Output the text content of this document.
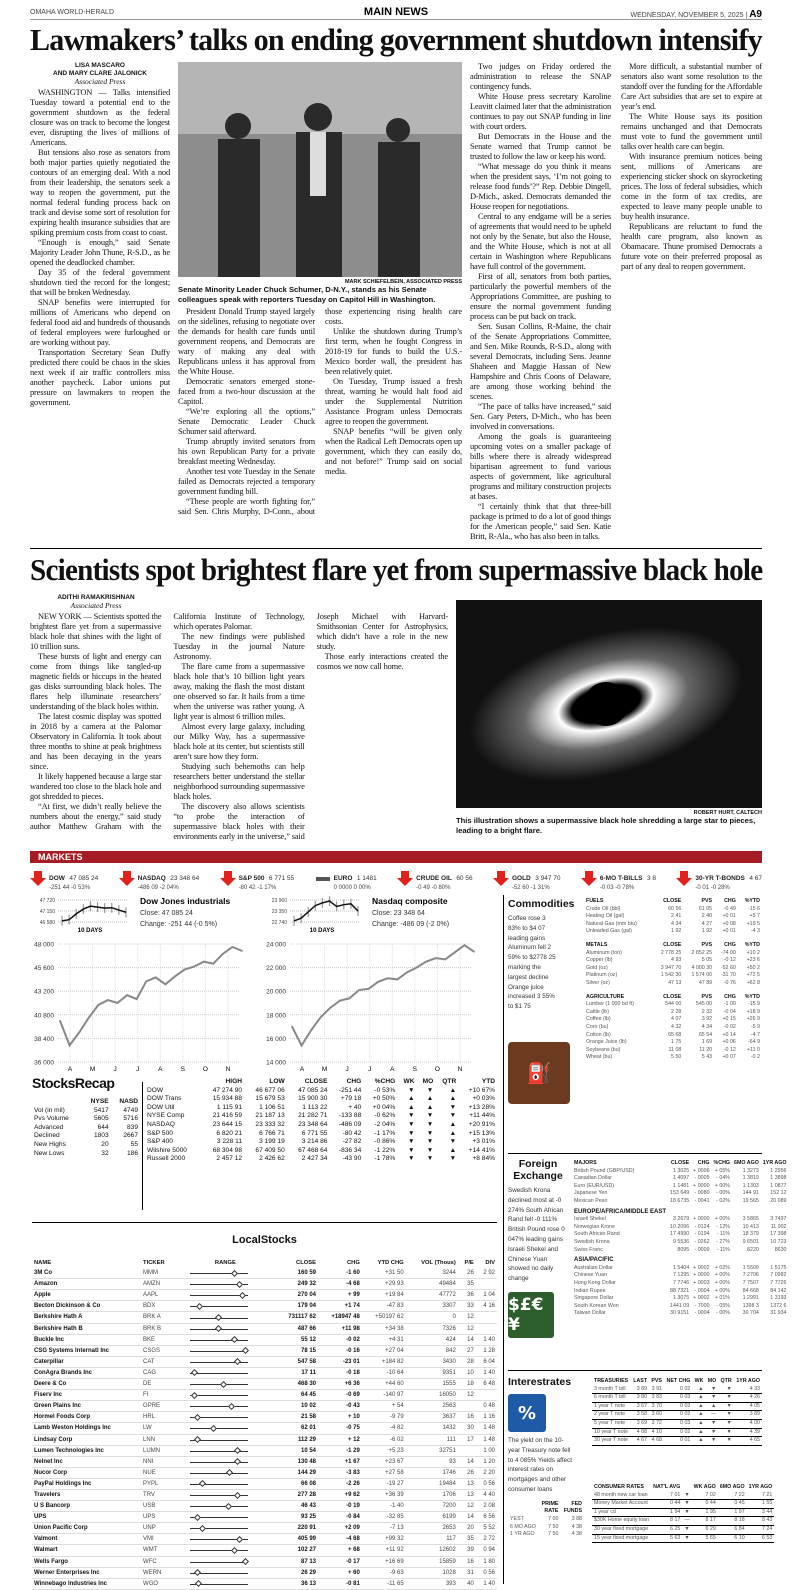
OMAHA WORLD-HERALD	MAIN NEWS	WEDNESDAY, NOVEMBER 5, 2025 | A9
Lawmakers’ talks on ending government shutdown intensify
LISA MASCARO
AND MARY CLARE JALONICK
Associated Press

WASHINGTON — Talks intensified Tuesday toward a potential end to the government shutdown as the federal closure was on track to become the longest ever, disrupting the lives of millions of Americans.

But tensions also rose as senators from both major parties quietly negotiated the contours of an emerging deal. With a nod from their leadership, the senators seek a way to reopen the government, put the normal federal funding process back on track and devise some sort of resolution for expiring health insurance subsidies that are spiking premium costs from coast to coast.

“Enough is enough,” said Senate Majority Leader John Thune, R-S.D., as he opened the deadlocked chamber.

Day 35 of the federal government shutdown tied the record for the longest; that will be broken Wednesday.

SNAP benefits were interrupted for millions of Americans who depend on federal food aid and hundreds of thousands of federal employees were furloughed or are working without pay.

Transportation Secretary Sean Duffy predicted there could be chaos in the skies next week if air traffic controllers miss another paycheck. Labor unions put pressure on lawmakers to reopen the government.

MARK SCHIEFELBEIN, ASSOCIATED PRESS
Senate Minority Leader Chuck Schumer, D-N.Y., stands as his Senate colleagues speak with reporters Tuesday on Capitol Hill in Washington.

President Donald Trump stayed largely on the sidelines, refusing to negotiate over the demands for health care funds until government reopens, and Democrats are wary of making any deal with Republicans unless it has approval from the White House.

Democratic senators emerged stone-faced from a two-hour discussion at the Capitol.

“We’re exploring all the options,” Senate Democratic Leader Chuck Schumer said afterward.

Trump abruptly invited senators from his own Republican Party for a private breakfast meeting Wednesday.

Another test vote Tuesday in the Senate failed as Democrats rejected a temporary government funding bill.

“These people are worth fighting for,” said Sen. Chris Murphy, D-Conn., about those experiencing rising health care costs.

Unlike the shutdown during Trump’s first term, when he fought Congress in 2018-19 for funds to build the U.S.-Mexico border wall, the president has been relatively quiet.

On Tuesday, Trump issued a fresh threat, warning he would halt food aid under the Supplemental Nutrition Assistance Program unless Democrats agree to reopen the government.

SNAP benefits “will be given only when the Radical Left Democrats open up government, which they can easily do, and not before!” Trump said on social media.

Two judges on Friday ordered the administration to release the SNAP contingency funds.

White House press secretary Karoline Leavitt claimed later that the administration continues to pay out SNAP funding in line with court orders.

But Democrats in the House and the Senate warned that Trump cannot be trusted to follow the law or keep his word.

“What message do you think it means when the president says, ‘I’m not going to release food funds’?” Rep. Debbie Dingell, D-Mich., asked. Democrats demanded the House reopen for negotiations.

Central to any endgame will be a series of agreements that would need to be upheld not only by the Senate, but also the House, and the White House, which is not at all certain in Washington where Republicans have full control of the government.

First of all, senators from both parties, particularly the powerful members of the Appropriations Committee, are pushing to ensure the normal government funding process can be put back on track.

Sen. Susan Collins, R-Maine, the chair of the Senate Appropriations Committee, and Sen. Mike Rounds, R-S.D., along with several Democrats, including Sens. Jeanne Shaheen and Maggie Hassan of New Hampshire and Chris Coons of Delaware, are among those working behind the scenes.

“The pace of talks have increased,” said Sen. Gary Peters, D-Mich., who has been involved in conversations.

Among the goals is guaranteeing upcoming votes on a smaller package of bills where there is already widespread bipartisan agreement to fund various aspects of government, like agricultural programs and military construction projects at bases.

“I certainly think that that three-bill package is primed to do a lot of good things for the American people,” said Sen. Katie Britt, R-Ala., who has also been in talks.

More difficult, a substantial number of senators also want some resolution to the standoff over the funding for the Affordable Care Act subsidies that are set to expire at year’s end.

The White House says its position remains unchanged and that Democrats must vote to fund the government until talks over health care can begin.

With insurance premium notices being sent, millions of Americans are experiencing sticker shock on skyrocketing prices. The loss of federal subsidies, which come in the form of tax credits, are expected to leave many people unable to buy health insurance.

Republicans are reluctant to fund the health care program, also known as Obamacare. Thune promised Democrats a future vote on their preferred proposal as part of any deal to reopen government.

Scientists spot brightest flare yet from supermassive black hole
ADITHI RAMAKRISHNAN
Associated Press

NEW YORK — Scientists spotted the brightest flare yet from a supermassive black hole that shines with the light of 10 trillion suns.

These bursts of light and energy can come from things like tangled-up magnetic fields or hiccups in the heated gas disks surrounding black holes. The flares help illuminate researchers’ understanding of the black holes within.

The latest cosmic display was spotted in 2018 by a camera at the Palomar Observatory in California. It took about three months to shine at peak brightness and has been decaying in the years since.

It likely happened because a large star wandered too close to the black hole and got shredded to pieces.

“At first, we didn’t really believe the numbers about the energy,” said study author Matthew Graham with the California Institute of Technology, which operates Palomar.

The new findings were published Tuesday in the journal Nature Astronomy.

The flare came from a supermassive black hole that’s 10 billion light years away, making the flash the most distant one observed so far. It hails from a time when the universe was rather young. A light year is almost 6 trillion miles.

Almost every large galaxy, including our Milky Way, has a supermassive black hole at its center, but scientists still aren’t sure how they form.

Studying such behemoths can help researchers better understand the stellar neighborhood surrounding supermassive black holes.

The discovery also allows scientists “to probe the interaction of supermassive black holes with their environments early in the universe,” said Joseph Michael with Harvard-Smithsonian Center for Astrophysics, which didn’t have a role in the new study.

Those early interactions created the cosmos we now call home.

ROBERT HURT, CALTECH
This illustration shows a supermassive black hole shredding a large star to pieces, leading to a bright flare.
MARKETS
DOW 47 085 24
-251 44 -0 53%
NASDAQ 23 348 64
-486 09 -2 04%
S&P 500 6 771 55
-80 42 -1 17%
EURO 1 1481
0 0000 0 00%
CRUDE OIL 60 56
-0 49 -0 80%
GOLD 3 947 70
-52 60 -1 31%
6-MO T-BILLS 3 8
-0 03 -0 78%
30-YR T-BONDS 4 67
-0 01 -0 28%
47 720
47 150
46 580
10 DAYS
Dow Jones industrials
Close: 47 085 24
Change: -251 44 (-0 5%)
48 000
45 600
43 200
40 800
38 400
36 000
A	M	J	J	A	S	O	N
23 960
23 350
22 740
10 DAYS
Nasdaq composite
Close: 23 348 64
Change: -486 09 (-2 0%)
24 000
22 000
20 000
18 000
16 000
14 000
A	M	J	J	A	S	O	N
StocksRecap
	NYSE	NASD
Vol (in mil)	5417	4749
Pvs Volume	5605	5716
Advanced	644	839
Declined	1803	2667
New Highs	20	55
New Lows	32	186
	HIGH	LOW	CLOSE	CHG	%CHG	WK	MO	QTR	YTD
DOW	47 274 90	46 677 06	47 085 24	-251 44	-0 53%	▼	▼	▲	+10 67%
DOW Trans	15 934 88	15 679 53	15 900 30	+79 18	+0 50%	▲	▲	▲	+0 03%
DOW Util	1 115 91	1 106 51	1 113 22	+ 40	+0 04%	▲	▲	▼	+13 28%
NYSE Comp	21 416 59	21 187 13	21 282 71	-133 88	-0 62%	▼	▼	▼	+11 44%
NASDAQ	23 644 15	23 333 32	23 348 64	-486 09	-2 04%	▼	▼	▲	+20 91%
S&P 500	6 820 21	6 766 71	6 771 55	-80 42	-1 17%	▼	▼	▲	+15 13%
S&P 400	3 228 11	3 199 19	3 214 86	-27 82	-0 86%	▼	▼	▼	+3 01%
Wilshire 5000	68 304 98	67 409 50	67 468 64	-836 34	-1 22%	▼	▼	▲	+14 41%
Russell 2000	2 457 12	2 426 62	2 427 34	-43 90	-1 78%	▼	▼	▼	+8 84%
LocalStocks
NAME	TICKER	RANGE	CLOSE	CHG	YTD CHG	VOL (Thous)	P/E	DIV
3M Co	MMM		160 59	-1 60	+31 50	3244	26	2 92
Amazon	AMZN		249 32	-4 68	+29 93	49484	35	
Apple	AAPL		270 04	+ 99	+19 84	47772	36	1 04
Becton Dickinson & Co	BDX		179 04	+1 74	-47 83	3307	33	4 16
Berkshire Hath A	BRK A		731117 62	+18947 48	+50197 62	0	12	
Berkshire Hath B	BRK B		487 66	+11 98	+34 38	7326	12	
Buckle Inc	BKE		55 12	-0 02	+4 31	424	14	1 40
CSG Systems Internatl Inc	CSGS		78 15	-0 16	+27 04	842	27	1 28
Caterpillar	CAT		547 58	-23 01	+184 82	3430	28	6 04
ConAgra Brands Inc	CAG		17 11	-0 18	-10 64	9351	10	1 40
Deere & Co	DE		468 30	+6 36	+44 60	1555	18	6 48
Fiserv Inc	FI		64 45	-0 69	-140 97	16050	12	
Green Plains Inc	GPRE		10 02	-0 43	+ 54	2563		0 48
Hormel Foods Corp	HRL		21 58	+ 10	-9 79	3637	16	1 16
Lamb Weston Holdings Inc	LW		62 01	-0 75	-4 82	1432	30	1 48
Lindsay Corp	LNN		112 29	+ 12	-6 02	111	17	1 48
Lumen Technologies Inc	LUMN		10 54	-1 29	+5 23	32751		1 00
Nelnet Inc	NNI		130 48	+1 67	+23 67	93	14	1 20
Nucor Corp	NUE		144 29	-3 83	+27 58	1746	26	2 20
PayPal Holdings Inc	PYPL		66 08	-2 26	-19 27	19484	13	0 56
Travelers	TRV		277 28	+9 62	+36 39	1706	13	4 40
U S Bancorp	USB		46 43	-0 19	-1 40	7200	12	2 08
UPS	UPS		93 25	-0 84	-32 85	6199	14	6 56
Union Pacific Corp	UNP		220 91	+2 09	-7 13	2653	20	5 52
Valmont	VMI		405 99	-4 68	+99 32	117	35	2 72
Walmart	WMT		102 27	+ 68	+11 92	12602	39	0 94
Wells Fargo	WFC		87 13	-0 17	+16 69	15859	16	1 80
Werner Enterprises Inc	WERN		26 29	+ 60	-9 63	1028	31	0 56
Winnebago Industries Inc	WGO		36 13	-0 81	-11 65	393	40	1 40
Commodities
Coffee rose 3 83% to $4 07 leading gains Aluminum fell 2 59% to $2778 25 marking the largest decline Orange juice increased 3 55% to $1 75
⛽
FUELS	CLOSE	PVS	CHG	%YTD
Crude Oil (bbl)	60 56	61 05	-0 49	-15 6
Heating Oil (gal)	2 41	2 40	+0 01	+5 7
Natural Gas (mm btu)	4 34	4 27	+0 08	+19 5
Unleaded Gas (gal)	1 92	1 92	+0 01	-4 3
METALS	CLOSE	PVS	CHG	%YTD
Aluminum (ton)	2 778 25	2 852 25	-74 00	+10 2
Copper (lb)	4 93	5 05	-0 12	+23 6
Gold (oz)	3 947 70	4 000 30	-52 60	+50 2
Platinum (oz)	1 542 30	1 574 00	-31 70	+72 5
Silver (oz)	47 13	47 89	-0 76	+62 8
AGRICULTURE	CLOSE	PVS	CHG	%YTD
Lumber (1 000 bd ft)	544 00	545 00	-1 00	-15 9
Cattle (lb)	2 28	2 32	-0 04	+18 9
Coffee (lb)	4 07	3 92	+0 15	+26 9
Corn (bu)	4 32	4 34	-0 02	-5 9
Cotton (lb)	65 68	65 54	+0 14	-4 7
Orange Juice (lb)	1 75	1 69	+0 06	-64 9
Soybeans (bu)	11 08	11 20	-0 12	+11 0
Wheat (bu)	5 50	5 43	+0 07	-0 2
Foreign Exchange
Swedish Krona declined most at -0 274% South African Rand fell -0 111% British Pound rose 0 047% leading gains Israeli Shekel and Chinese Yuan showed no daily change
$£€¥
MAJORS	CLOSE	CHG	%CHG	6MO AGO	1YR AGO
British Pound (GBP/USD)	1 3025	+ 0006	+ 05%	1 3273	1 2956
Canadian Dollar	1 4097	- 0005	- 04%	1 3819	1 3898
Euro (EUR/USD)	1 1481	+ 0000	+ 00%	1 1303	1 0877
Japanese Yen	153 649	- 0080	- 00%	144 91	152 12
Mexican Peso	18 6735	- 0041	- 02%	19 565	20 089
EUROPE/AFRICA/MIDDLE EAST					
Israeli Shekel	3 2679	+ 0000	+ 00%	3 5865	3 7497
Norwegian Krone	10 2096	- 0124	- 12%	10 413	11 002
South African Rand	17 4990	- 0194	- 11%	18 379	17 398
Swedish Krona	9 5536	- 0262	- 27%	9 6501	10 723
Swiss Franc	8095	- 0009	- 11%	8220	8630
ASIA/PACIFIC					
Australian Dollar	1 5404	+ 0002	+ 02%	1 5509	1 5175
Chinese Yuan	7 1295	+ 0000	+ 00%	7 2706	7 0982
Hong Kong Dollar	7 7746	+ 0003	+ 00%	7 7507	7 7726
Indian Rupee	88 7321	- 0004	+ 00%	84 668	84 142
Singapore Dollar	1 3075	+ 0002	+ 01%	1 2991	1 3193
South Korean Won	1441 09	- 7000	- 05%	1398 3	1372 6
Taiwan Dollar	30 9151	- 0004	- 00%	30 704	31 934
Interestrates
%
The yield on the 10-year Treasury note fell to 4 085% Yields affect interest rates on mortgages and other consumer loans
	PRIME RATE	FED FUNDS
YEST	7 00	3 88
6 MO AGO	7 50	4 38
1 YR AGO	7 50	4 38
TREASURIES	LAST	PVS	NET CHG	WK	MO	QTR	1YR AGO
3 month T bill	3 89	3 91	0 02	▲	▼	▼	4 33
6 month T bill	3 80	3 83	0 03	▲	▼	▼	4 26
1 year T note	3 67	3 70	0 03	▲	▲	▼	4 05
2 year T note	3 58	3 60	0 02	▲	—	▼	3 89
5 year T note	3 69	3 72	0 03	▲	▼	▼	4 00
10 year T note	4 08	4 10	0 02	▲	▼	▼	4 39
30 year T note	4 67	4 68	0 01	▲	▼	▼	4 65
CONSUMER RATES	NAT'L AVG		WK AGO	6MO AGO	1YR AGO
48 month new car loan	7 01	▼	7 02	7 22	7 21
Money Market Account	0 44	▼	0 44	0 45	1 55
1 year cd	1 94	▼	1 95	1 97	3 44
$30K Home equity loan	8 17	—	8 17	8 18	8 43
30 year fixed mortgage	6 25	▼	6 29	6 84	7 24
15 year fixed mortgage	5 63	▼	5 65	6 10	6 53
